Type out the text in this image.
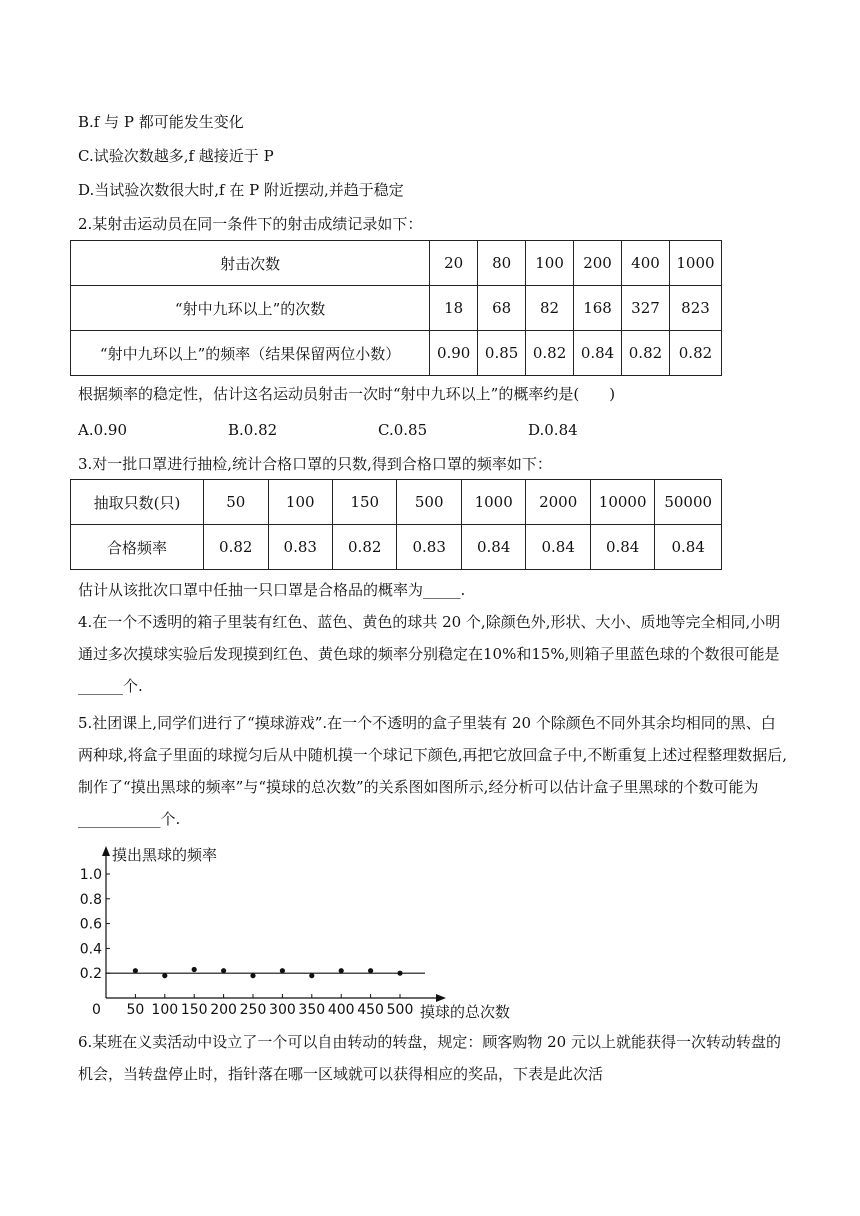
B.f 与 P 都可能发生变化
C.试验次数越多,f 越接近于 P
D.当试验次数很大时,f 在 P 附近摆动,并趋于稳定
2.某射击运动员在同一条件下的射击成绩记录如下：
射击次数	20	80	100	200	400	1000
“射中九环以上”的次数	18	68	82	168	327	823
“射中九环以上”的频率（结果保留两位小数）	0.90	0.85	0.82	0.84	0.82	0.82
根据频率的稳定性，估计这名运动员射击一次时“射中九环以上”的概率约是(　　)
A.0.90	B.0.82	C.0.85	D.0.84
3.对一批口罩进行抽检,统计合格口罩的只数,得到合格口罩的频率如下：
抽取只数(只)	50	100	150	500	1000	2000	10000	50000
合格频率	0.82	0.83	0.82	0.83	0.84	0.84	0.84	0.84
估计从该批次口罩中任抽一只口罩是合格品的概率为_____.
4.在一个不透明的箱子里装有红色、蓝色、黄色的球共 20 个,除颜色外,形状、大小、质地等完全相同,小明通过多次摸球实验后发现摸到红色、黄色球的频率分别稳定在10%和15%,则箱子里蓝色球的个数很可能是______个.
5.社团课上,同学们进行了“摸球游戏”.在一个不透明的盒子里装有 20 个除颜色不同外其余均相同的黑、白两种球,将盒子里面的球搅匀后从中随机摸一个球记下颜色,再把它放回盒子中,不断重复上述过程整理数据后,制作了“摸出黑球的频率”与“摸球的总次数”的关系图如图所示,经分析可以估计盒子里黑球的个数可能为___________个.
0.2
0.4
0.6
0.8
1.0
50 100 150 200 250 300 350 400 450 500
摸出黑球的频率
摸球的总次数
0
6.某班在义卖活动中设立了一个可以自由转动的转盘，规定：顾客购物 20 元以上就能获得一次转动转盘的机会，当转盘停止时，指针落在哪一区域就可以获得相应的奖品，下表是此次活
